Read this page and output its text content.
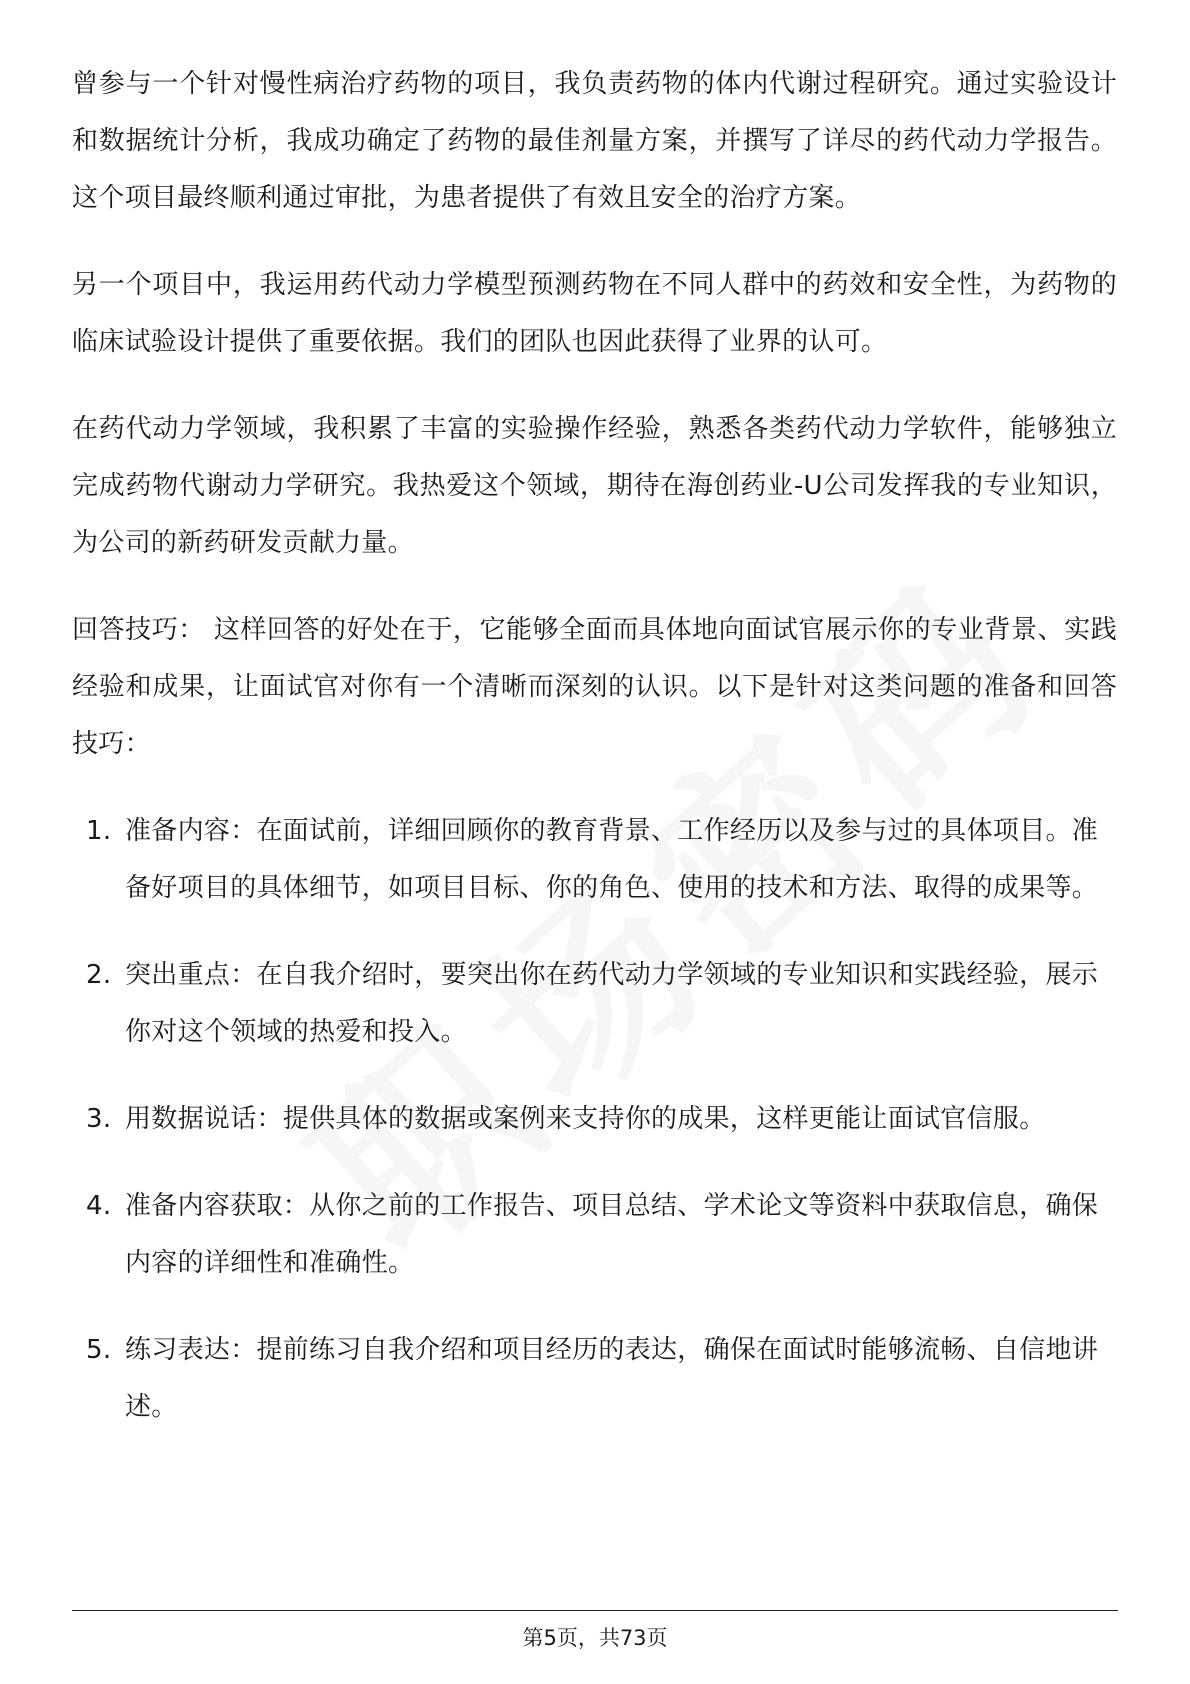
曾参与一个针对慢性病治疗药物的项目，我负责药物的体内代谢过程研究。通过实验设计和数据统计分析，我成功确定了药物的最佳剂量方案，并撰写了详尽的药代动力学报告。这个项目最终顺利通过审批，为患者提供了有效且安全的治疗方案。

另一个项目中，我运用药代动力学模型预测药物在不同人群中的药效和安全性，为药物的临床试验设计提供了重要依据。我们的团队也因此获得了业界的认可。

在药代动力学领域，我积累了丰富的实验操作经验，熟悉各类药代动力学软件，能够独立完成药物代谢动力学研究。我热爱这个领域，期待在海创药业-U公司发挥我的专业知识，为公司的新药研发贡献力量。

回答技巧： 这样回答的好处在于，它能够全面而具体地向面试官展示你的专业背景、实践经验和成果，让面试官对你有一个清晰而深刻的认识。以下是针对这类问题的准备和回答技巧：

1. 准备内容：在面试前，详细回顾你的教育背景、工作经历以及参与过的具体项目。准备好项目的具体细节，如项目目标、你的角色、使用的技术和方法、取得的成果等。
2. 突出重点：在自我介绍时，要突出你在药代动力学领域的专业知识和实践经验，展示你对这个领域的热爱和投入。
3. 用数据说话：提供具体的数据或案例来支持你的成果，这样更能让面试官信服。
4. 准备内容获取：从你之前的工作报告、项目总结、学术论文等资料中获取信息，确保内容的详细性和准确性。
5. 练习表达：提前练习自我介绍和项目经历的表达，确保在面试时能够流畅、自信地讲述。
第5页，共73页
